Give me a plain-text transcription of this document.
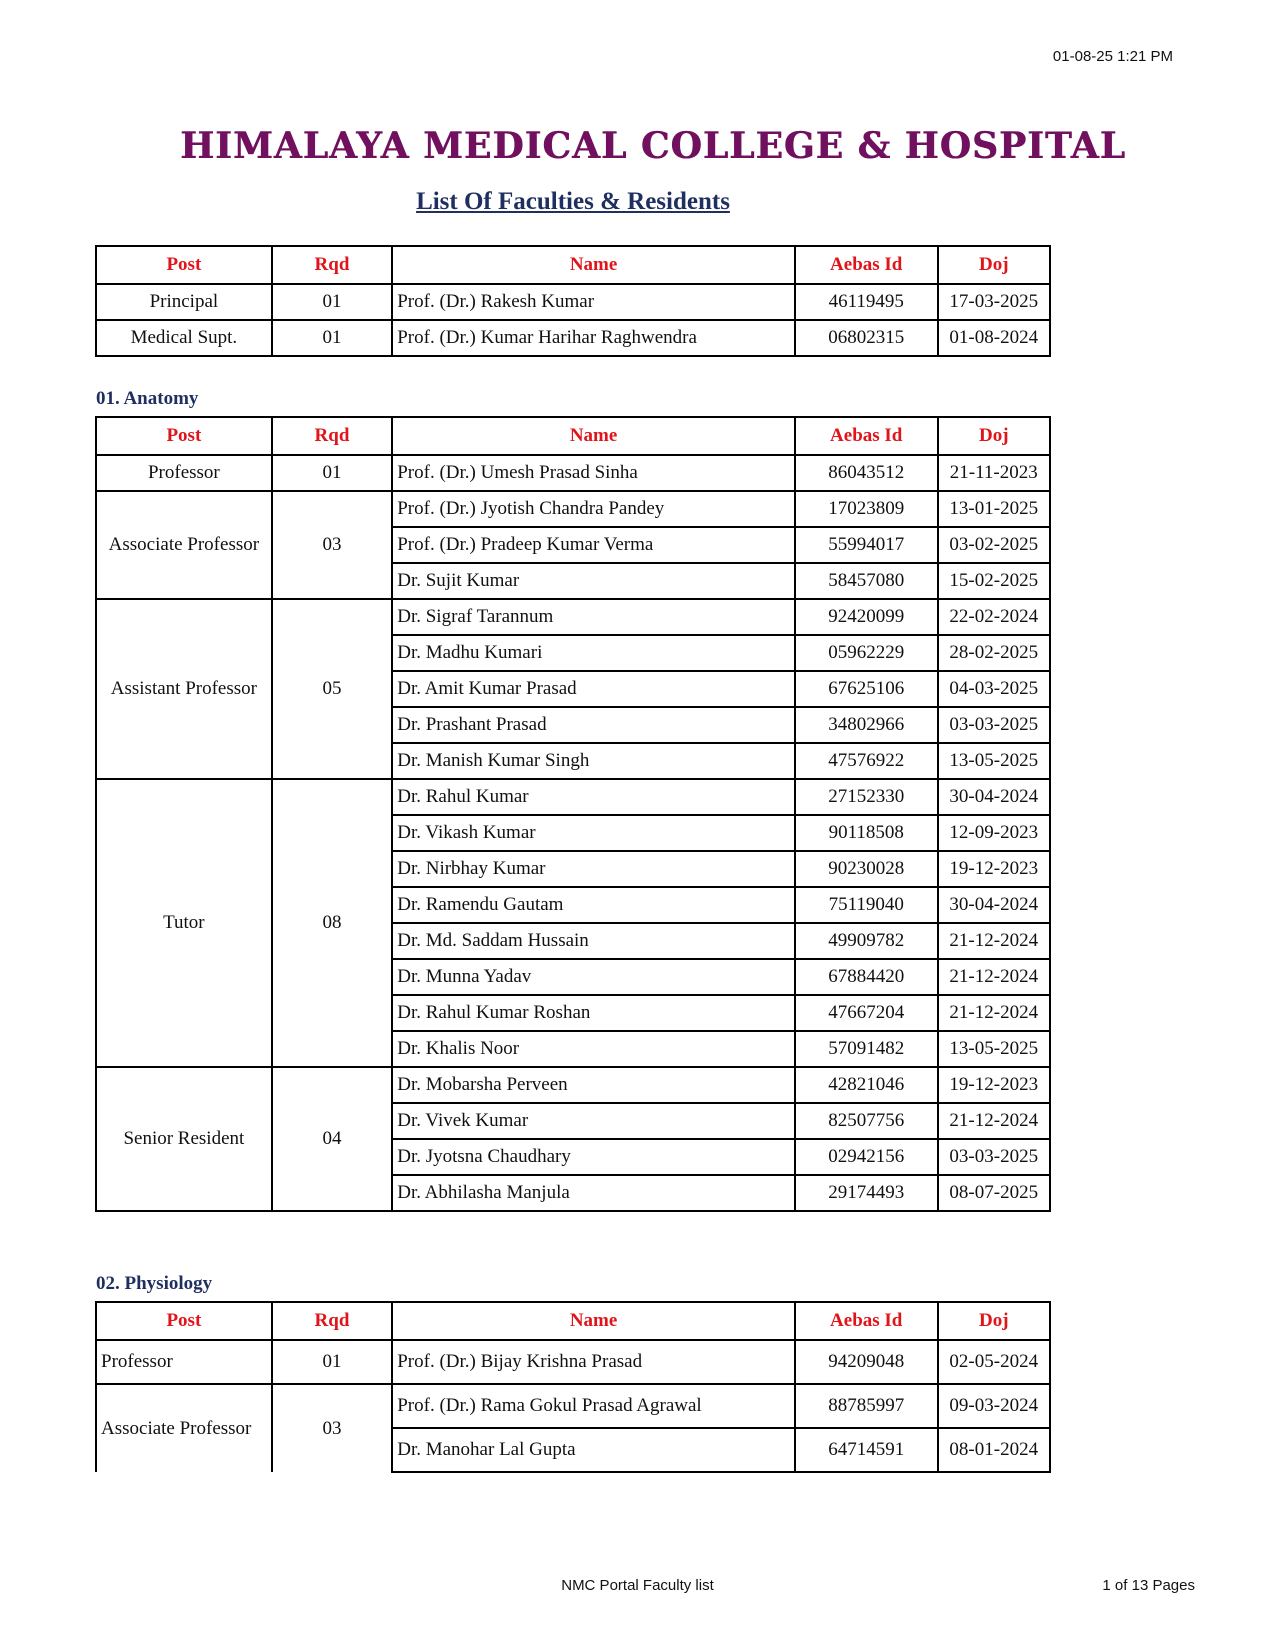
01-08-25 1:21 PM
HIMALAYA MEDICAL COLLEGE & HOSPITAL
List Of Faculties & Residents
Post	Rqd	Name	Aebas Id	Doj
Principal	01	Prof. (Dr.) Rakesh Kumar	46119495	17-03-2025
Medical Supt.	01	Prof. (Dr.) Kumar Harihar Raghwendra	06802315	01-08-2024
01. Anatomy
Post	Rqd	Name	Aebas Id	Doj
Professor	01	Prof. (Dr.) Umesh Prasad Sinha	86043512	21-11-2023
Associate Professor	03	Prof. (Dr.) Jyotish Chandra Pandey	17023809	13-01-2025
		Prof. (Dr.) Pradeep Kumar Verma	55994017	03-02-2025
		Dr. Sujit Kumar	58457080	15-02-2025
Assistant Professor	05	Dr. Sigraf Tarannum	92420099	22-02-2024
		Dr. Madhu Kumari	05962229	28-02-2025
		Dr. Amit Kumar Prasad	67625106	04-03-2025
		Dr. Prashant Prasad	34802966	03-03-2025
		Dr. Manish Kumar Singh	47576922	13-05-2025
Tutor	08	Dr. Rahul Kumar	27152330	30-04-2024
		Dr. Vikash Kumar	90118508	12-09-2023
		Dr. Nirbhay Kumar	90230028	19-12-2023
		Dr. Ramendu Gautam	75119040	30-04-2024
		Dr. Md. Saddam Hussain	49909782	21-12-2024
		Dr. Munna Yadav	67884420	21-12-2024
		Dr. Rahul Kumar Roshan	47667204	21-12-2024
		Dr. Khalis Noor	57091482	13-05-2025
Senior Resident	04	Dr. Mobarsha Perveen	42821046	19-12-2023
		Dr. Vivek Kumar	82507756	21-12-2024
		Dr. Jyotsna Chaudhary	02942156	03-03-2025
		Dr. Abhilasha Manjula	29174493	08-07-2025
02. Physiology
Post	Rqd	Name	Aebas Id	Doj
Professor	01	Prof. (Dr.) Bijay Krishna Prasad	94209048	02-05-2024
Associate Professor	03	Prof. (Dr.) Rama Gokul Prasad Agrawal	88785997	09-03-2024
		Dr. Manohar Lal Gupta	64714591	08-01-2024
NMC Portal Faculty list	1 of 13 Pages
